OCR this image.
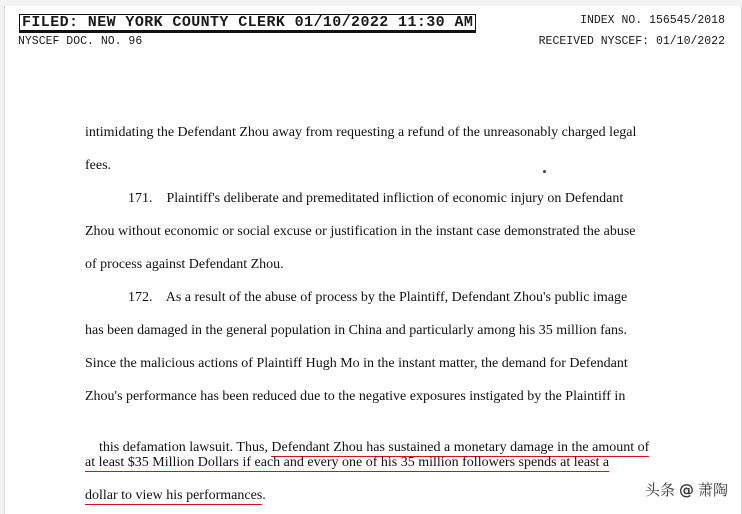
FILED: NEW YORK COUNTY CLERK 01/10/2022 11:30 AM
NYSCEF DOC. NO. 96
INDEX NO. 156545/2018
RECEIVED NYSCEF: 01/10/2022
intimidating the Defendant Zhou away from requesting a refund of the unreasonably charged legal
fees.
171.    Plaintiff's deliberate and premeditated infliction of economic injury on Defendant
Zhou without economic or social excuse or justification in the instant case demonstrated the abuse
of process against Defendant Zhou.
172.    As a result of the abuse of process by the Plaintiff, Defendant Zhou's public image
has been damaged in the general population in China and particularly among his 35 million fans.
Since the malicious actions of Plaintiff Hugh Mo in the instant matter, the demand for Defendant
Zhou's performance has been reduced due to the negative exposures instigated by the Plaintiff in

this defamation lawsuit. Thus, Defendant Zhou has sustained a monetary damage in the amount of

at least $35 Million Dollars if each and every one of his 35 million followers spends at least a
dollar to view his performances.	头条 @ 萧陶
